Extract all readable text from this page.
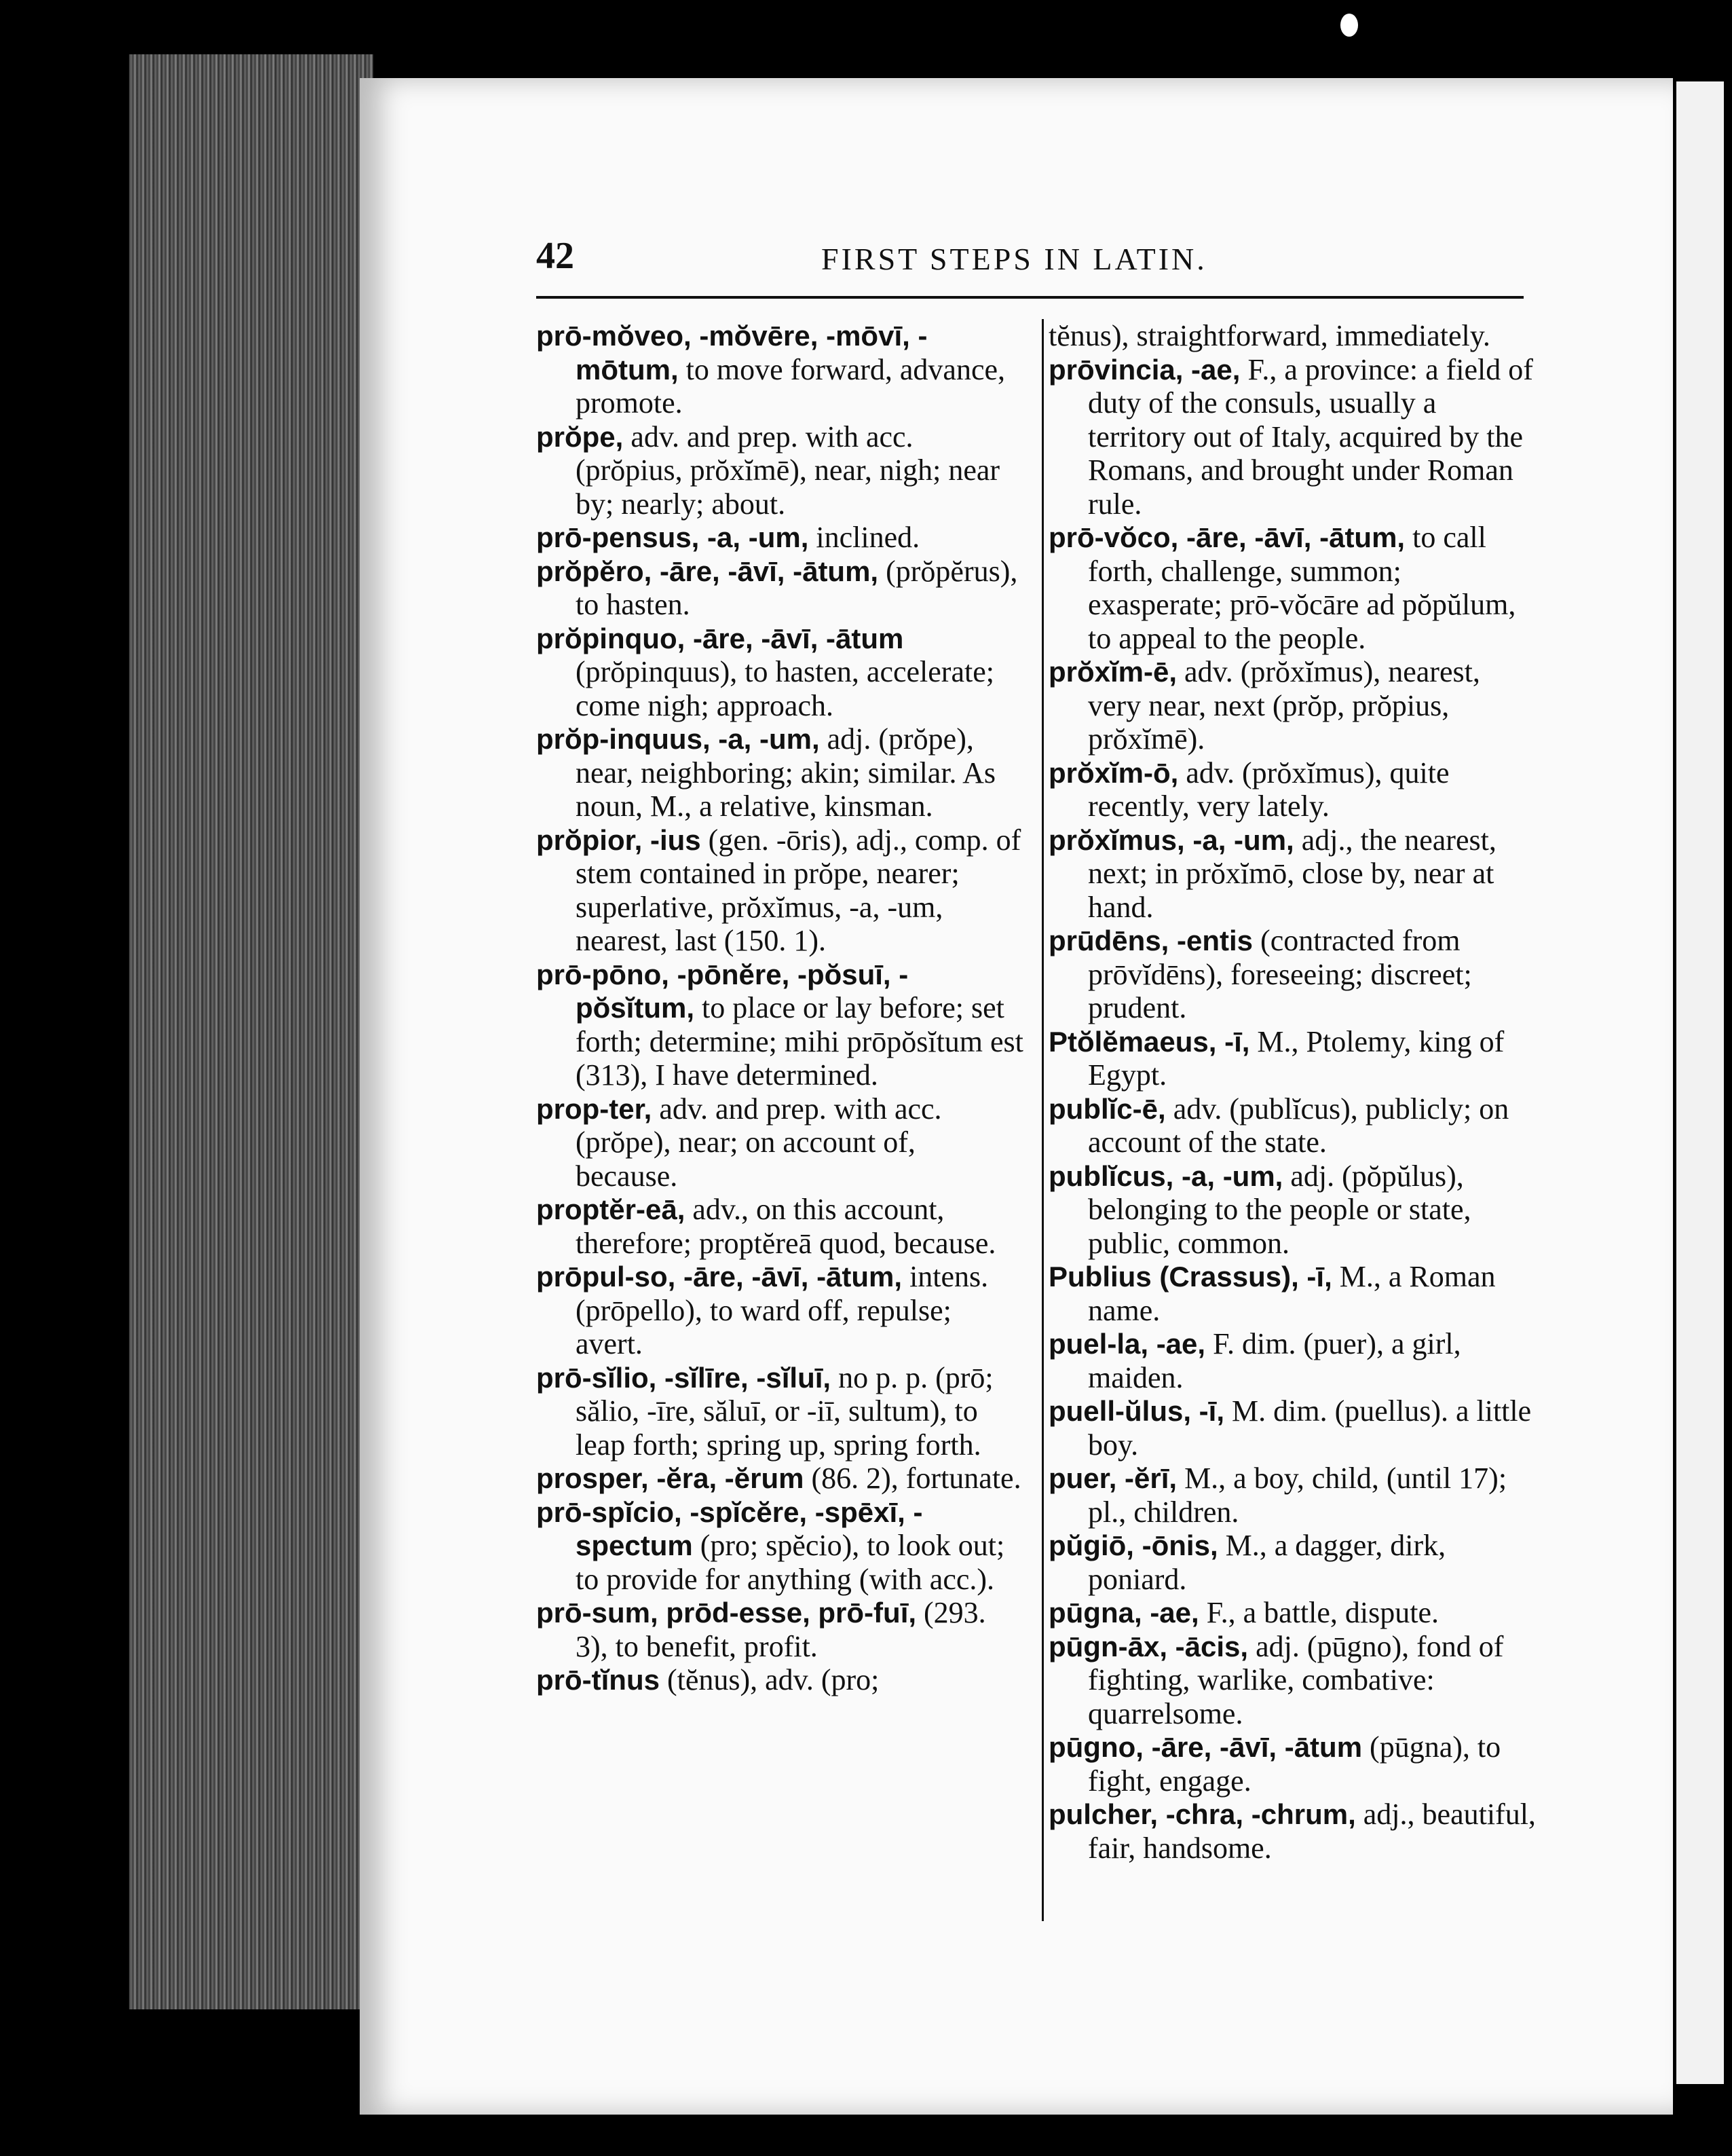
42	FIRST STEPS IN LATIN.

prō-mŏveo, -mŏvēre, -mōvī, -mōtum, to move forward, advance, promote.

prŏpe, adv. and prep. with acc. (prŏpius, prŏxĭmē), near, nigh; near by; nearly; about.

prō-pensus, -a, -um, inclined.

prŏpĕro, -āre, -āvī, -ātum, (prŏpĕrus), to hasten.

prŏpinquo, -āre, -āvī, -ātum (prŏpinquus), to hasten, accelerate; come nigh; approach.

prŏp-inquus, -a, -um, adj. (prŏpe), near, neighboring; akin; similar. As noun, M., a relative, kinsman.

prŏpior, -ius (gen. -ōris), adj., comp. of stem contained in prŏpe, nearer; superlative, prŏxĭmus, -a, -um, nearest, last (150. 1).

prō-pōno, -pōnĕre, -pŏsuī, -pŏsĭtum, to place or lay before; set forth; determine; mihi prōpŏsĭtum est (313), I have determined.

prop-ter, adv. and prep. with acc. (prŏpe), near; on account of, because.

proptĕr-eā, adv., on this account, therefore; proptĕreā quod, because.

prōpul-so, -āre, -āvī, -ātum, intens. (prōpello), to ward off, repulse; avert.

prō-sĭlio, -sĭlīre, -sĭluī, no p. p. (prō; sălio, -īre, săluī, or -iī, sultum), to leap forth; spring up, spring forth.

prosper, -ĕra, -ĕrum (86. 2), fortunate.

prō-spĭcio, -spĭcĕre, -spēxī, -spectum (pro; spĕcio), to look out; to provide for anything (with acc.).

prō-sum, prōd-esse, prō-fuī, (293. 3), to benefit, profit.

prō-tĭnus (tĕnus), adv. (pro;

tĕnus), straightforward, immediately.

prōvincia, -ae, F., a province: a field of duty of the consuls, usually a territory out of Italy, acquired by the Romans, and brought under Roman rule.

prō-vŏco, -āre, -āvī, -ātum, to call forth, challenge, summon; exasperate; prō-vŏcāre ad pŏpŭlum, to appeal to the people.

prŏxĭm-ē, adv. (prŏxĭmus), nearest, very near, next (prŏp, prŏpius, prŏxĭmē).

prŏxĭm-ō, adv. (prŏxĭmus), quite recently, very lately.

prŏxĭmus, -a, -um, adj., the nearest, next; in prŏxĭmō, close by, near at hand.

prūdēns, -entis (contracted from prōvĭdēns), foreseeing; discreet; prudent.

Ptŏlĕmaeus, -ī, M., Ptolemy, king of Egypt.

publĭc-ē, adv. (publĭcus), publicly; on account of the state.

publĭcus, -a, -um, adj. (pŏpŭlus), belonging to the people or state, public, common.

Publius (Crassus), -ī, M., a Roman name.

puel-la, -ae, F. dim. (puer), a girl, maiden.

puell-ŭlus, -ī, M. dim. (puellus). a little boy.

puer, -ĕrī, M., a boy, child, (until 17); pl., children.

pŭgiō, -ōnis, M., a dagger, dirk, poniard.

pūgna, -ae, F., a battle, dispute.

pūgn-āx, -ācis, adj. (pūgno), fond of fighting, warlike, combative: quarrelsome.

pūgno, -āre, -āvī, -ātum (pūgna), to fight, engage.

pulcher, -chra, -chrum, adj., beautiful, fair, handsome.
